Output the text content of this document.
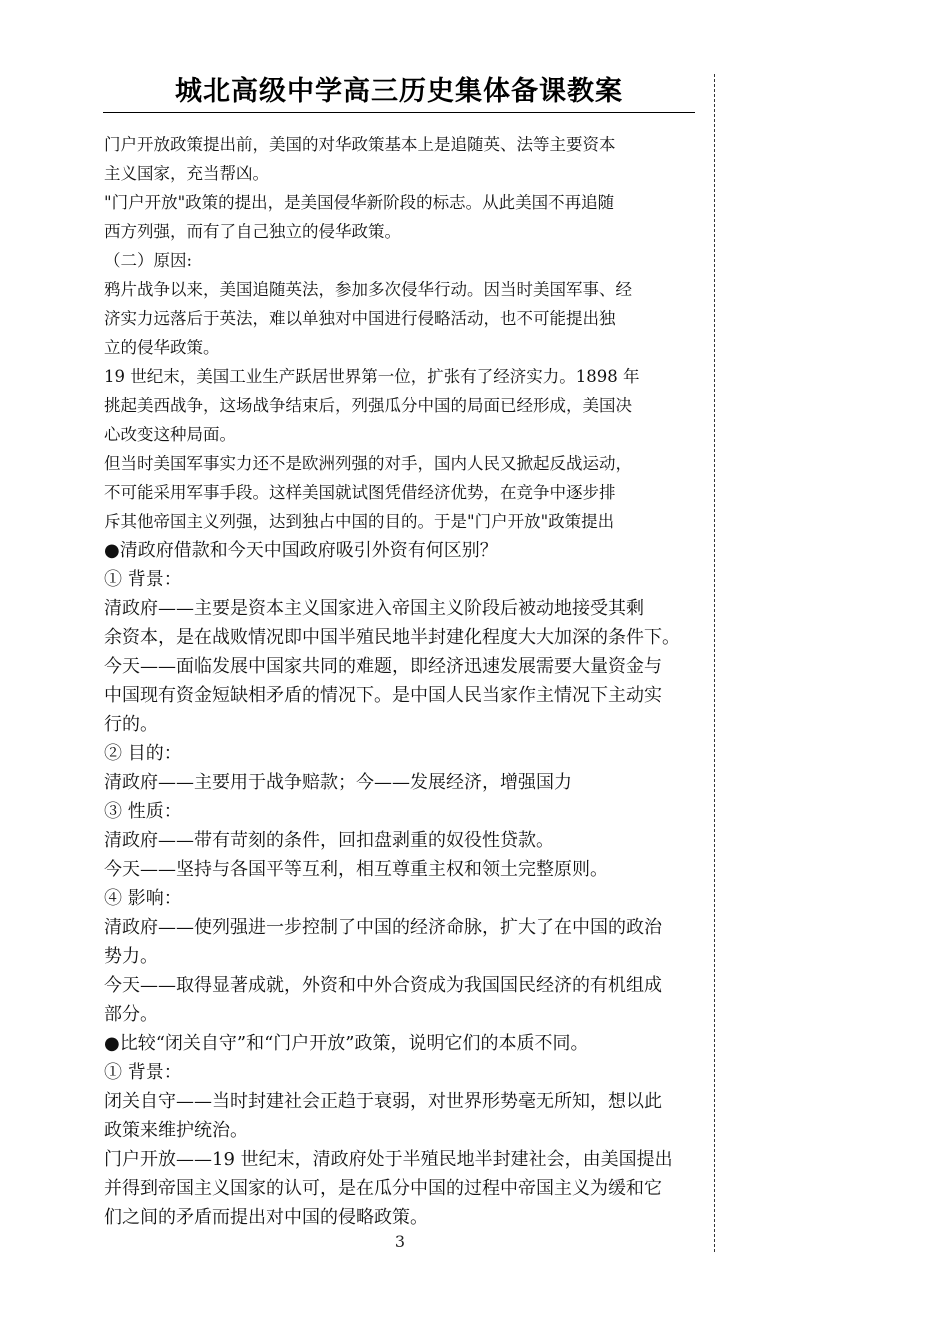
城北高级中学高三历史集体备课教案
门户开放政策提出前，美国的对华政策基本上是追随英、法等主要资本
主义国家，充当帮凶。
"门户开放"政策的提出，是美国侵华新阶段的标志。从此美国不再追随
西方列强，而有了自己独立的侵华政策。
（二）原因:
鸦片战争以来，美国追随英法，参加多次侵华行动。因当时美国军事、经
济实力远落后于英法，难以单独对中国进行侵略活动，也不可能提出独
立的侵华政策。
19 世纪末，美国工业生产跃居世界第一位，扩张有了经济实力。1898 年
挑起美西战争，这场战争结束后，列强瓜分中国的局面已经形成，美国决
心改变这种局面。
但当时美国军事实力还不是欧洲列强的对手，国内人民又掀起反战运动，
不可能采用军事手段。这样美国就试图凭借经济优势，在竞争中逐步排
斥其他帝国主义列强，达到独占中国的目的。于是"门户开放"政策提出
●清政府借款和今天中国政府吸引外资有何区别？
① 背景：
清政府——主要是资本主义国家进入帝国主义阶段后被动地接受其剩
余资本，是在战败情况即中国半殖民地半封建化程度大大加深的条件下。
今天——面临发展中国家共同的难题，即经济迅速发展需要大量资金与
中国现有资金短缺相矛盾的情况下。是中国人民当家作主情况下主动实
行的。
② 目的：
清政府——主要用于战争赔款；今——发展经济，增强国力
③ 性质：
清政府——带有苛刻的条件，回扣盘剥重的奴役性贷款。
今天——坚持与各国平等互利，相互尊重主权和领土完整原则。
④ 影响：
清政府——使列强进一步控制了中国的经济命脉，扩大了在中国的政治
势力。
今天——取得显著成就，外资和中外合资成为我国国民经济的有机组成
部分。
●比较“闭关自守”和“门户开放”政策，说明它们的本质不同。
① 背景：
闭关自守——当时封建社会正趋于衰弱，对世界形势毫无所知，想以此
政策来维护统治。
门户开放——19 世纪末，清政府处于半殖民地半封建社会，由美国提出
并得到帝国主义国家的认可，是在瓜分中国的过程中帝国主义为缓和它
们之间的矛盾而提出对中国的侵略政策。
3
